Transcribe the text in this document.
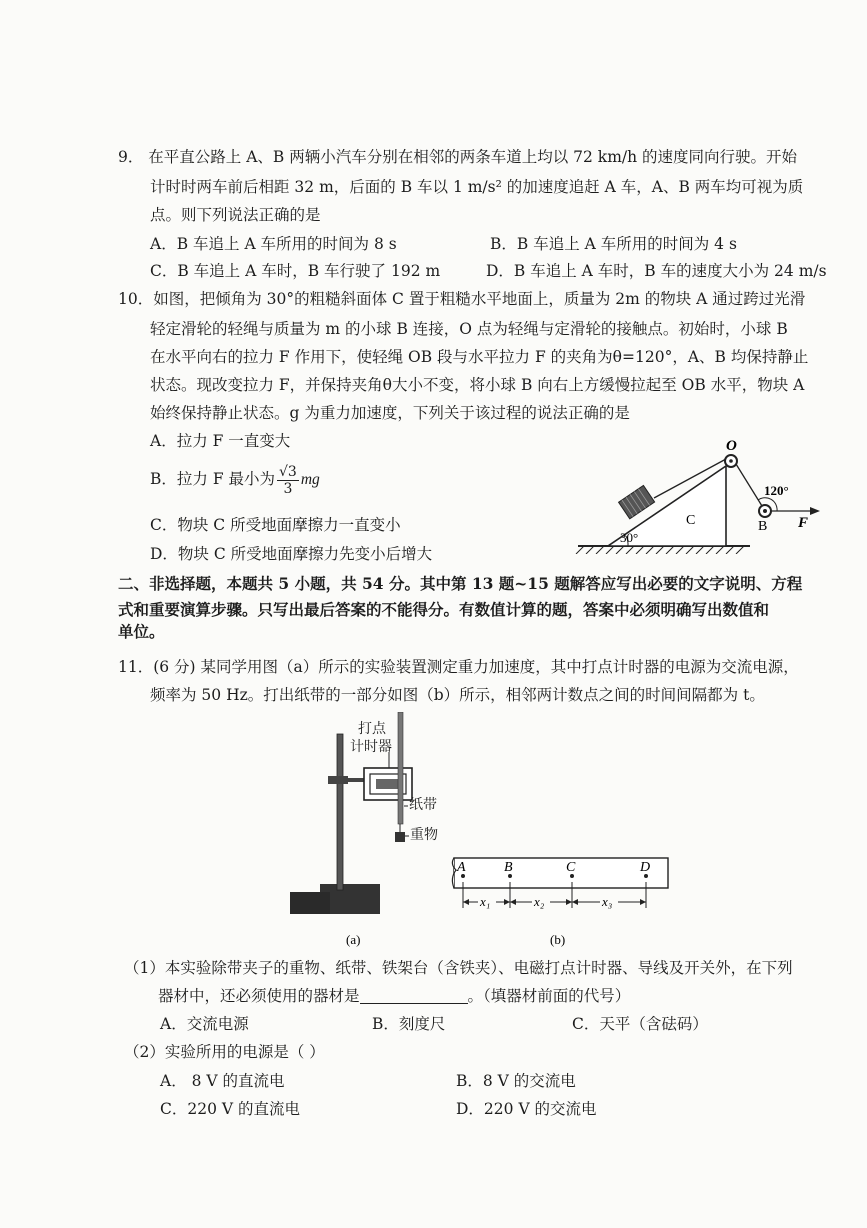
9． 在平直公路上 A、B 两辆小汽车分别在相邻的两条车道上均以 72 km/h 的速度同向行驶。开始
计时时两车前后相距 32 m，后面的 B 车以 1 m/s² 的加速度追赶 A 车，A、B 两车均可视为质
点。则下列说法正确的是
A．B 车追上 A 车所用的时间为 8 s	B．B 车追上 A 车所用的时间为 4 s
C．B 车追上 A 车时，B 车行驶了 192 m	D．B 车追上 A 车时，B 车的速度大小为 24 m/s
10．如图，把倾角为 30°的粗糙斜面体 C 置于粗糙水平地面上，质量为 2m 的物块 A 通过跨过光滑
轻定滑轮的轻绳与质量为 m 的小球 B 连接，O 点为轻绳与定滑轮的接触点。初始时，小球 B
在水平向右的拉力 F 作用下，使轻绳 OB 段与水平拉力 F 的夹角为θ=120°，A、B 均保持静止
状态。现改变拉力 F，并保持夹角θ大小不变，将小球 B 向右上方缓慢拉起至 OB 水平，物块 A
始终保持静止状态。g 为重力加速度，下列关于该过程的说法正确的是
A．拉力 F 一直变大
B．拉力 F 最小为 $\frac{√3}{3}$ mg
C．物块 C 所受地面摩擦力一直变小
D．物块 C 所受地面摩擦力先变小后增大
O
120°
C	B F
30°
二、非选择题，本题共 5 小题，共 54 分。其中第 13 题~15 题解答应写出必要的文字说明、方程
式和重要演算步骤。只写出最后答案的不能得分。有数值计算的题，答案中必须明确写出数值和
单位。
11．(6 分) 某同学用图（a）所示的实验装置测定重力加速度，其中打点计时器的电源为交流电源，
频率为 50 Hz。打出纸带的一部分如图（b）所示，相邻两计数点之间的时间间隔都为 t。
(a)
打点
计时器
纸带
重物
A	B	C	D
x₁	x₂	x₃
(b)
（1）本实验除带夹子的重物、纸带、铁架台（含铁夹）、电磁打点计时器、导线及开关外，在下列
器材中，还必须使用的器材是	。（填器材前面的代号）
A．交流电源	B．刻度尺	C．天平（含砝码）
（2）实验所用的电源是（ ）
A． 8 V 的直流电	B．8 V 的交流电
C．220 V 的直流电	D．220 V 的交流电
